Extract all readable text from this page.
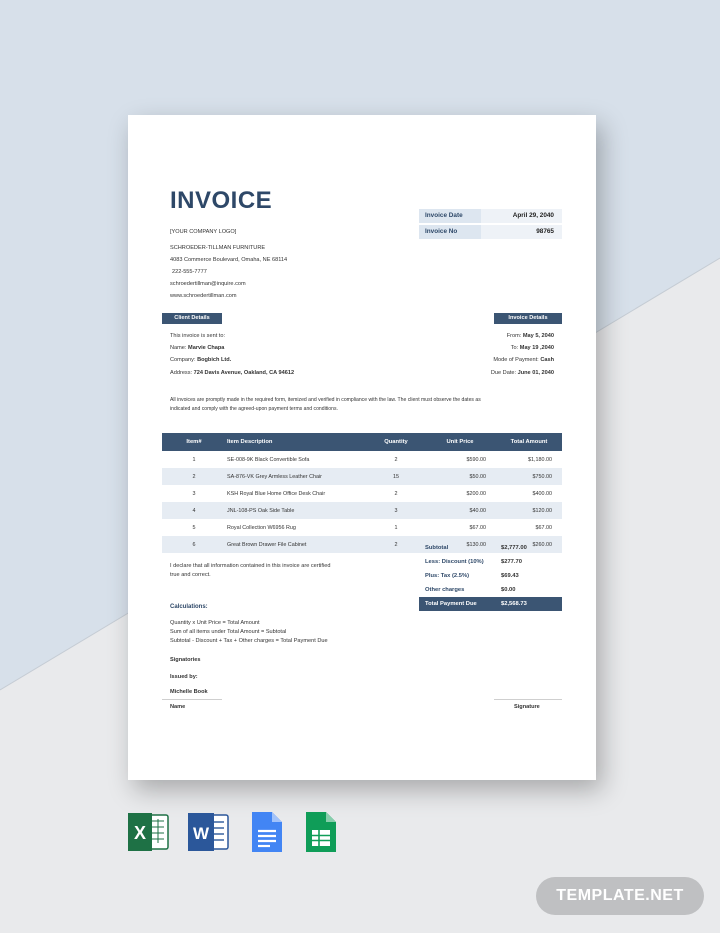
INVOICE
[YOUR COMPANY LOGO]
SCHROEDER-TILLMAN FURNITURE
4083 Commerce Boulevard, Omaha, NE 68114
222-555-7777
schroedertillman@inquire.com
www.schroedertillman.com
Invoice Date	April 29, 2040
Invoice No	98765
Client Details	Invoice Details
This invoice is sent to:
Name: Marvie Chapa
Company: Bogbich Ltd.
Address: 724 Davis Avenue, Oakland, CA 94612
From: May 5, 2040
To: May 19 ,2040
Mode of Payment: Cash
Due Date: June 01, 2040
All invoices are promptly made in the required form, itemized and verified in compliance with the law. The client must observe the dates as
indicated and comply with the agreed-upon payment terms and conditions.
Item#	Item Description	Quantity	Unit Price	Total Amount
1	SE-008-9K Black Convertible Sofa	2	$590.00	$1,180.00
2	SA-876-VK Grey Armless Leather Chair	15	$50.00	$750.00
3	KSH Royal Blue Home Office Desk Chair	2	$200.00	$400.00
4	JNL-108-PS Oak Side Table	3	$40.00	$120.00
5	Royal Collection W6956 Rug	1	$67.00	$67.00
6	Great Brown Drawer File Cabinet	2	$130.00	$260.00
Subtotal	$2,777.00
Less: Discount (10%)	$277.70
Plus: Tax (2.5%)	$69.43
Other charges	$0.00
Total Payment Due	$2,568.73
I declare that all information contained in this invoice are certified
true and correct.
Calculations:
Quantity x Unit Price = Total Amount
Sum of all items under Total Amount = Subtotal
Subtotal - Discount + Tax + Other charges = Total Payment Due
Signatories
Issued by:
Michelle Book
Name	Signature
X	W
TEMPLATE.NET
